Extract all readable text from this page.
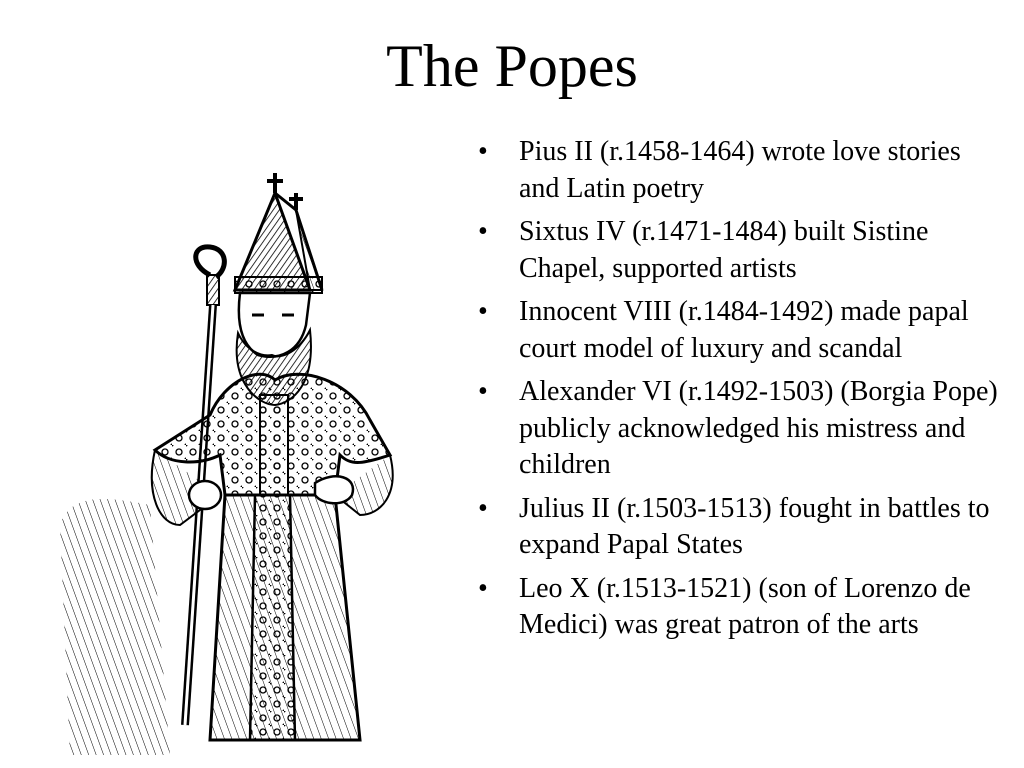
The Popes
• Pius II (r.1458-1464) wrote love stories and Latin poetry
• Sixtus IV (r.1471-1484) built Sistine Chapel, supported artists
• Innocent VIII (r.1484-1492) made papal court model of luxury and scandal
• Alexander VI (r.1492-1503) (Borgia Pope) publicly acknowledged his mistress and children
• Julius II (r.1503-1513) fought in battles to expand Papal States
• Leo X (r.1513-1521) (son of Lorenzo de Medici) was great patron of the arts
